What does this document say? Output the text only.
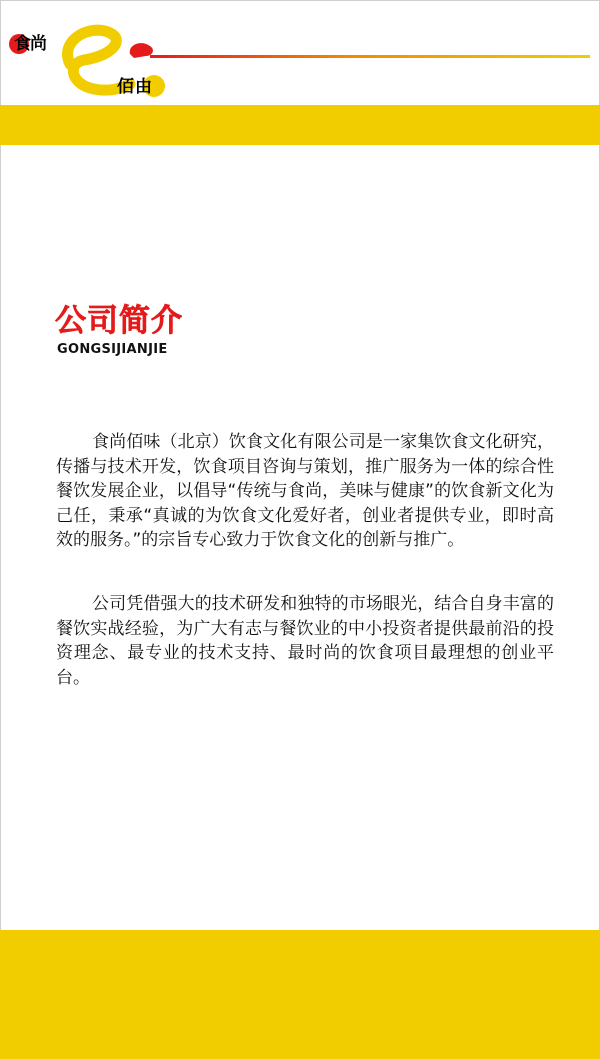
食尚
佰由
公司简介
GONGSIJIANJIE

食尚佰味（北京）饮食文化有限公司是一家集饮食文化研究，传播与技术开发，饮食项目咨询与策划，推广服务为一体的综合性餐饮发展企业，以倡导“传统与食尚，美味与健康”的饮食新文化为己任，秉承“真诚的为饮食文化爱好者，创业者提供专业，即时高效的服务。”的宗旨专心致力于饮食文化的创新与推广。

公司凭借强大的技术研发和独特的市场眼光，结合自身丰富的餐饮实战经验，为广大有志与餐饮业的中小投资者提供最前沿的投资理念、最专业的技术支持、最时尚的饮食项目最理想的创业平台。
